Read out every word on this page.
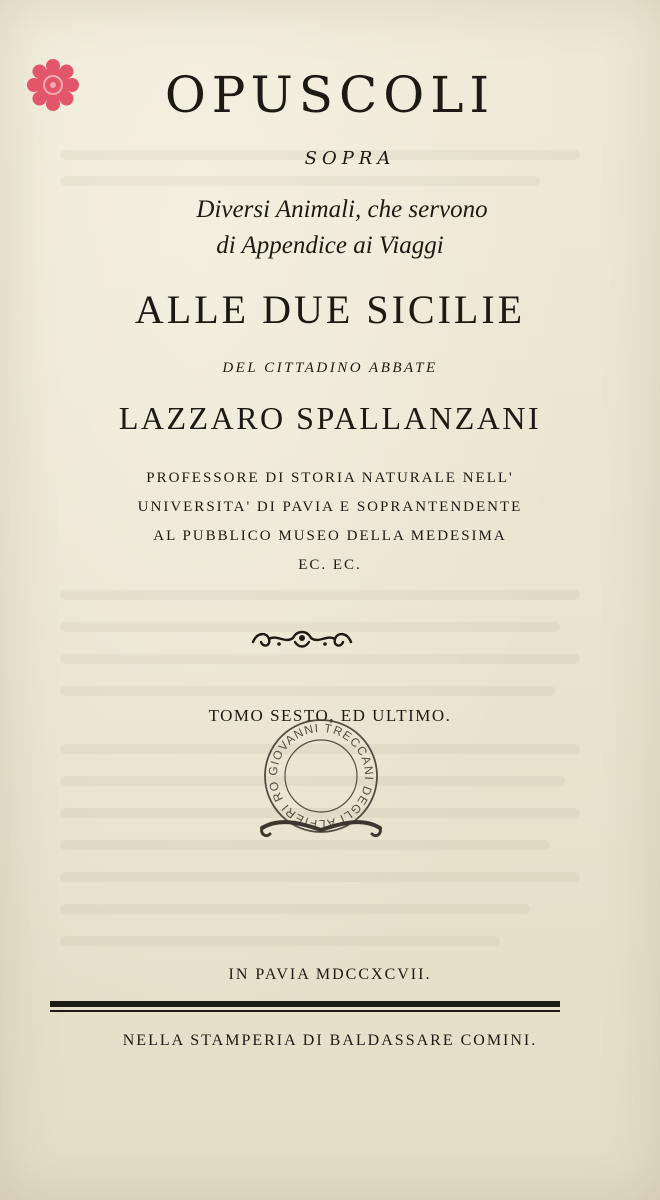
OPUSCOLI
SOPRA
Diversi Animali, che servono
di Appendice ai Viaggi
ALLE DUE SICILIE
DEL CITTADINO ABBATE
LAZZARO SPALLANZANI
PROFESSORE DI STORIA NATURALE NELL'
UNIVERSITA' DI PAVIA E SOPRANTENDENTE
AL PUBBLICO MUSEO DELLA MEDESIMA
EC. EC.
TOMO SESTO, ED ULTIMO.
GIOVANNI TRECCANI DEGLI ALFIERI RO
IN PAVIA MDCCXCVII.
NELLA STAMPERIA DI BALDASSARE COMINI.
